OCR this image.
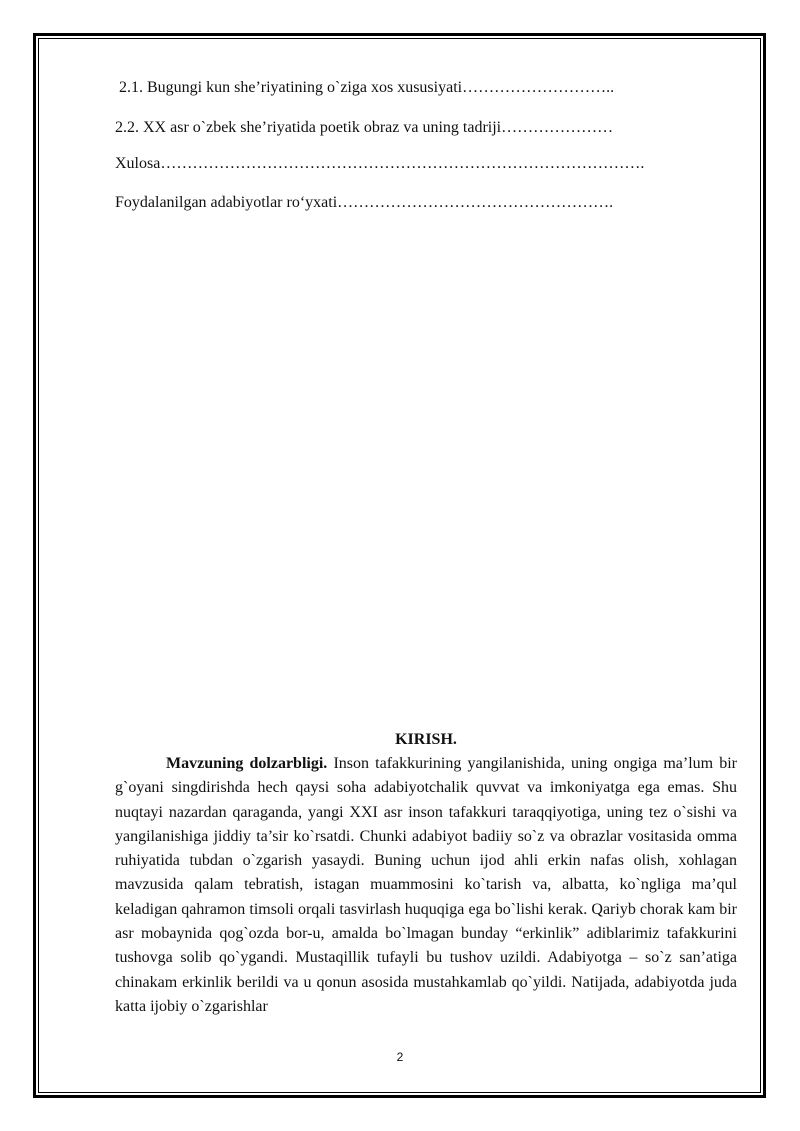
2.1. Bugungi kun she’riyatining o`ziga xos xususiyati………………………..

2.2. XX asr o`zbek she’riyatida poetik obraz va uning tadriji…………………

Xulosa……………………………………………………………………………….

Foydalanilgan adabiyotlar ro‘yxati…………………………………………….

KIRISH.

Mavzuning dolzarbligi. Inson tafakkurining yangilanishida, uning ongiga ma’lum bir g`oyani singdirishda hech qaysi soha adabiyotchalik quvvat va imkoniyatga ega emas. Shu nuqtayi nazardan qaraganda, yangi XXI asr inson tafakkuri taraqqiyotiga, uning tez o`sishi va yangilanishiga jiddiy ta’sir ko`rsatdi. Chunki adabiyot badiiy so`z va obrazlar vositasida omma ruhiyatida tubdan o`zgarish yasaydi. Buning uchun ijod ahli erkin nafas olish, xohlagan mavzusida qalam tebratish, istagan muammosini ko`tarish va, albatta, ko`ngliga ma’qul keladigan qahramon timsoli orqali tasvirlash huquqiga ega bo`lishi kerak. Qariyb chorak kam bir asr mobaynida qog`ozda bor-u, amalda bo`lmagan bunday “erkinlik” adiblarimiz tafakkurini tushovga solib qo`ygandi. Mustaqillik tufayli bu tushov uzildi. Adabiyotga – so`z san’atiga chinakam erkinlik berildi va u qonun asosida mustahkamlab qo`yildi. Natijada, adabiyotda juda katta ijobiy o`zgarishlar

2
